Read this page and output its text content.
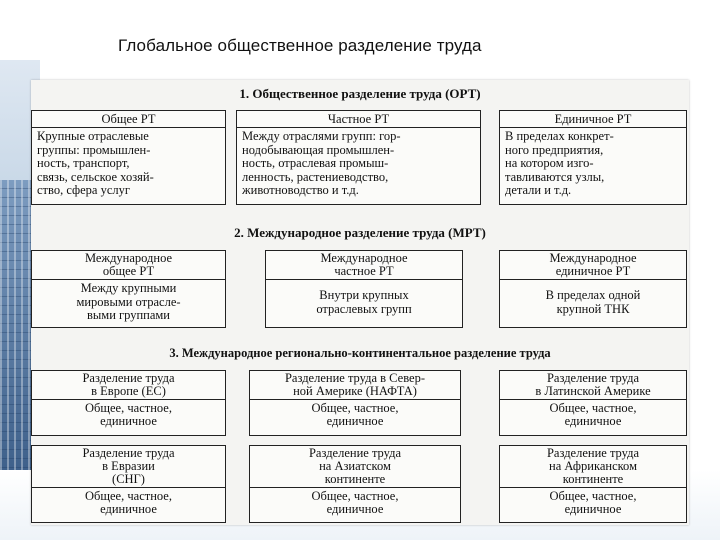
Глобальное общественное разделение труда
1. Общественное разделение труда (ОРТ)
Общее РТ
Крупные отраслевые
группы: промышлен-
ность, транспорт,
связь, сельское хозяй-
ство, сфера услуг
Частное РТ
Между отраслями групп: гор-
нодобывающая промышлен-
ность, отраслевая промыш-
ленность, растениеводство,
животноводство и т.д.
Единичное РТ
В пределах конкрет-
ного предприятия,
на котором изго-
тавливаются узлы,
детали и т.д.
2. Международное разделение труда (МРТ)
Международное
общее РТ
Между крупными
мировыми отрасле-
выми группами
Международное
частное РТ
Внутри крупных
отраслевых групп
Международное
единичное РТ
В пределах одной
крупной ТНК
3. Международное регионально-континентальное разделение труда
Разделение труда
в Европе (ЕС)
Общее, частное,
единичное
Разделение труда в Север-
ной Америке (НАФТА)
Общее, частное,
единичное
Разделение труда
в Латинской Америке
Общее, частное,
единичное
Разделение труда
в Евразии
(СНГ)
Общее, частное,
единичное
Разделение труда
на Азиатском
континенте
Общее, частное,
единичное
Разделение труда
на Африканском
континенте
Общее, частное,
единичное
